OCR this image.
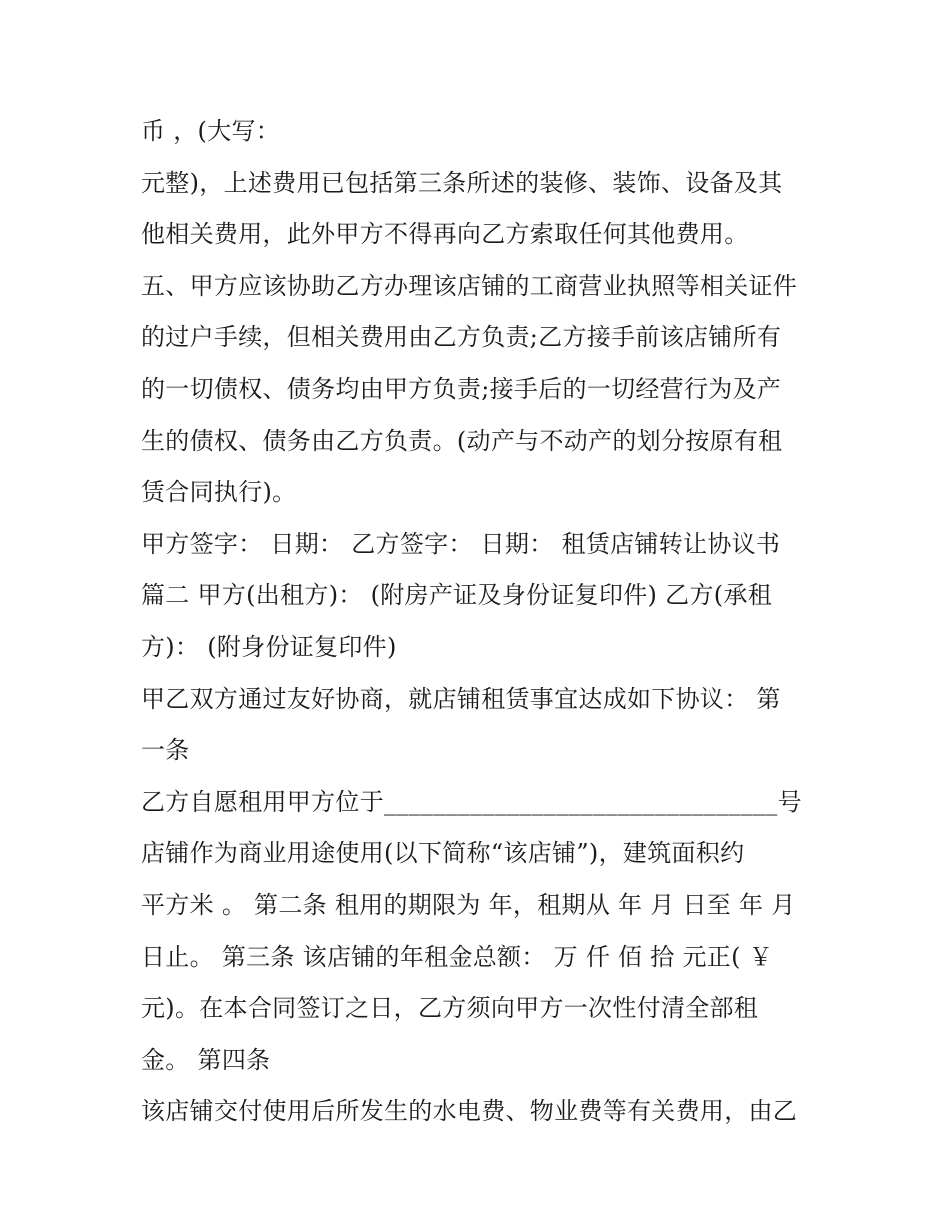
币 ，(大写：
元整)，上述费用已包括第三条所述的装修、装饰、设备及其
他相关费用，此外甲方不得再向乙方索取任何其他费用。
五、甲方应该协助乙方办理该店铺的工商营业执照等相关证件
的过户手续，但相关费用由乙方负责;乙方接手前该店铺所有
的一切债权、债务均由甲方负责;接手后的一切经营行为及产
生的债权、债务由乙方负责。(动产与不动产的划分按原有租
赁合同执行)。
甲方签字： 日期： 乙方签字： 日期： 租赁店铺转让协议书
篇二 甲方(出租方)： (附房产证及身份证复印件) 乙方(承租
方)： (附身份证复印件)
甲乙双方通过友好协商，就店铺租赁事宜达成如下协议： 第
一条
乙方自愿租用甲方位于________________________________号
店铺作为商业用途使用(以下简称“该店铺”)，建筑面积约
平方米 。 第二条 租用的期限为 年，租期从 年 月 日至 年 月
日止。 第三条 该店铺的年租金总额： 万 仟 佰 拾 元正( ￥
元)。在本合同签订之日，乙方须向甲方一次性付清全部租
金。 第四条
该店铺交付使用后所发生的水电费、物业费等有关费用，由乙
